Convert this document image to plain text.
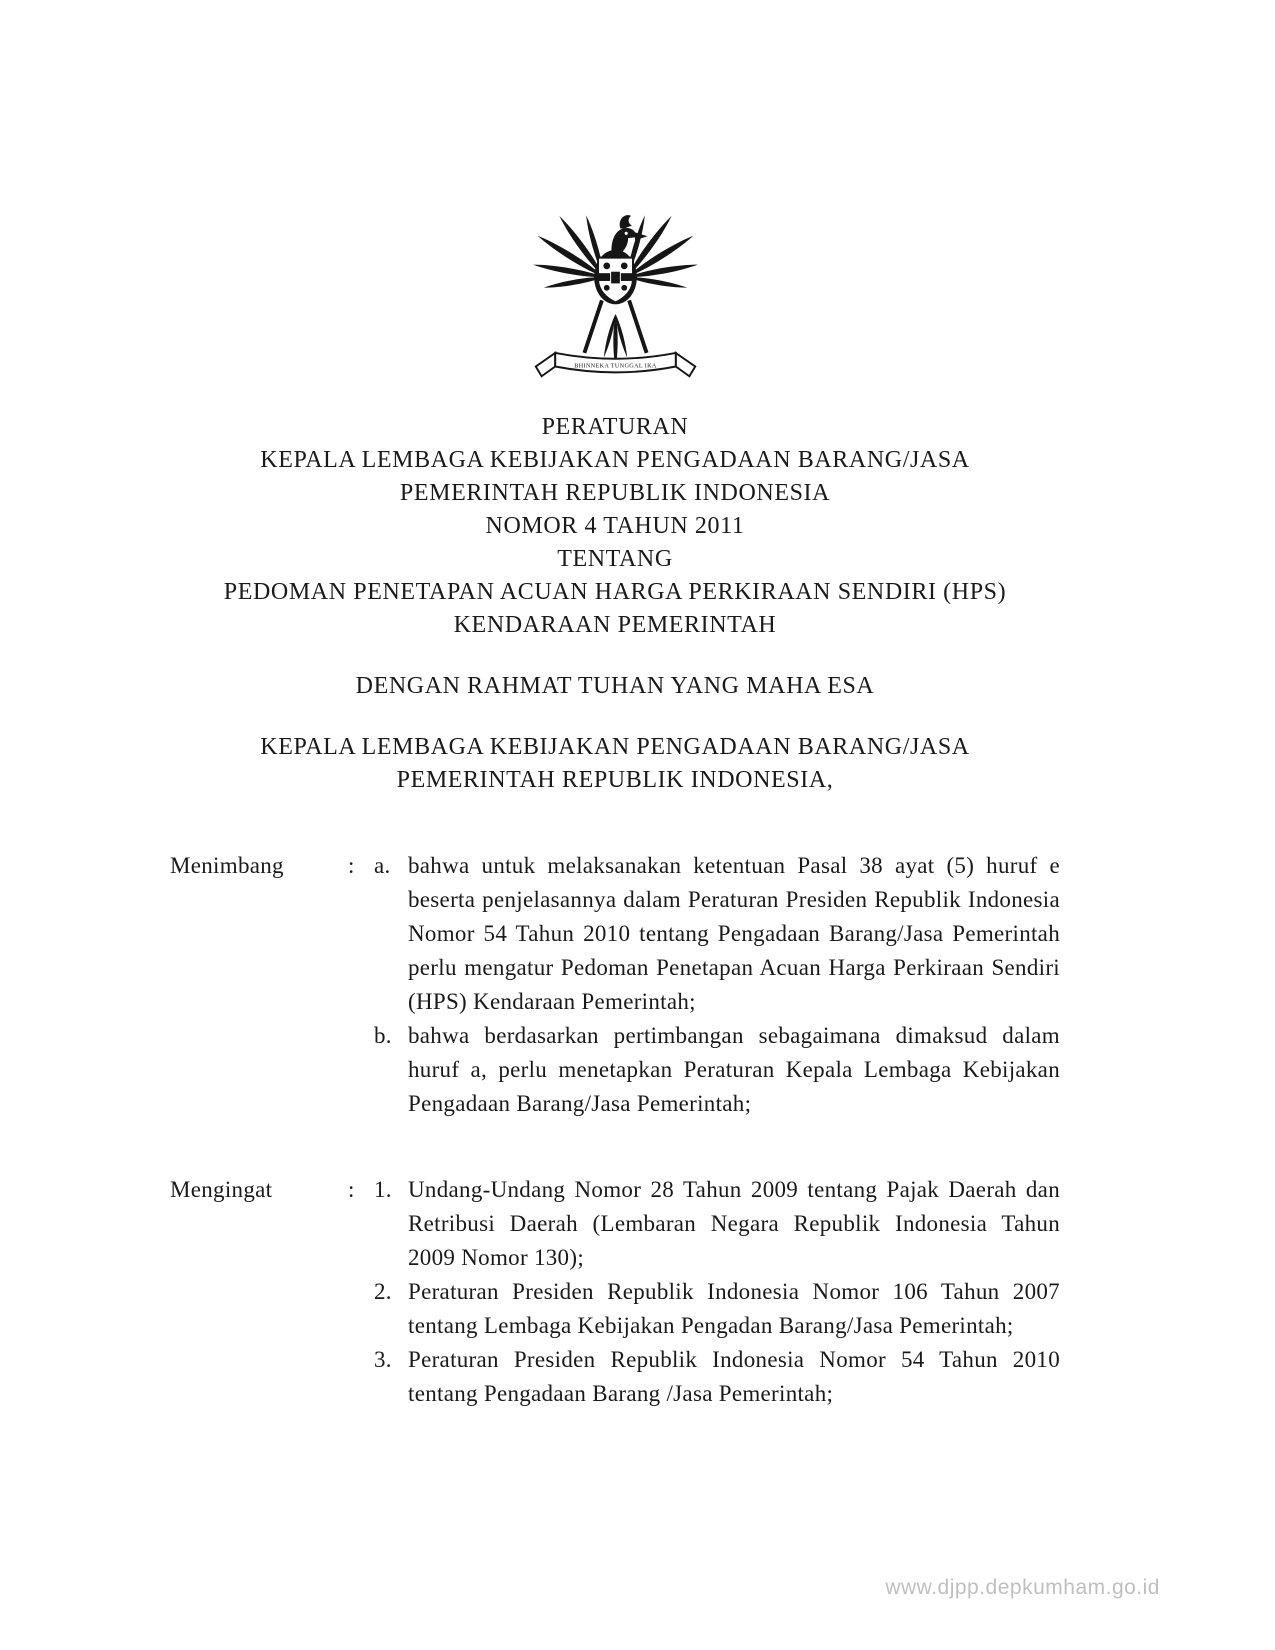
BHINNEKA TUNGGAL IKA
PERATURAN
KEPALA LEMBAGA KEBIJAKAN PENGADAAN BARANG/JASA
PEMERINTAH REPUBLIK INDONESIA
NOMOR 4 TAHUN 2011
TENTANG
PEDOMAN PENETAPAN ACUAN HARGA PERKIRAAN SENDIRI (HPS)
KENDARAAN PEMERINTAH
DENGAN RAHMAT TUHAN YANG MAHA ESA
KEPALA LEMBAGA KEBIJAKAN PENGADAAN BARANG/JASA
PEMERINTAH REPUBLIK INDONESIA,
Menimbang	: a. bahwa untuk melaksanakan ketentuan Pasal 38 ayat (5) huruf e beserta penjelasannya dalam Peraturan Presiden Republik Indonesia Nomor 54 Tahun 2010 tentang Pengadaan Barang/Jasa Pemerintah perlu mengatur Pedoman Penetapan Acuan Harga Perkiraan Sendiri (HPS) Kendaraan Pemerintah;
b. bahwa berdasarkan pertimbangan sebagaimana dimaksud dalam huruf a, perlu menetapkan Peraturan Kepala Lembaga Kebijakan Pengadaan Barang/Jasa Pemerintah;
Mengingat	: 1. Undang-Undang Nomor 28 Tahun 2009 tentang Pajak Daerah dan Retribusi Daerah (Lembaran Negara Republik Indonesia Tahun 2009 Nomor 130);
2. Peraturan Presiden Republik Indonesia Nomor 106 Tahun 2007 tentang Lembaga Kebijakan Pengadan Barang/Jasa Pemerintah;
3. Peraturan Presiden Republik Indonesia Nomor 54 Tahun 2010 tentang Pengadaan Barang /Jasa Pemerintah;
www.djpp.depkumham.go.id
